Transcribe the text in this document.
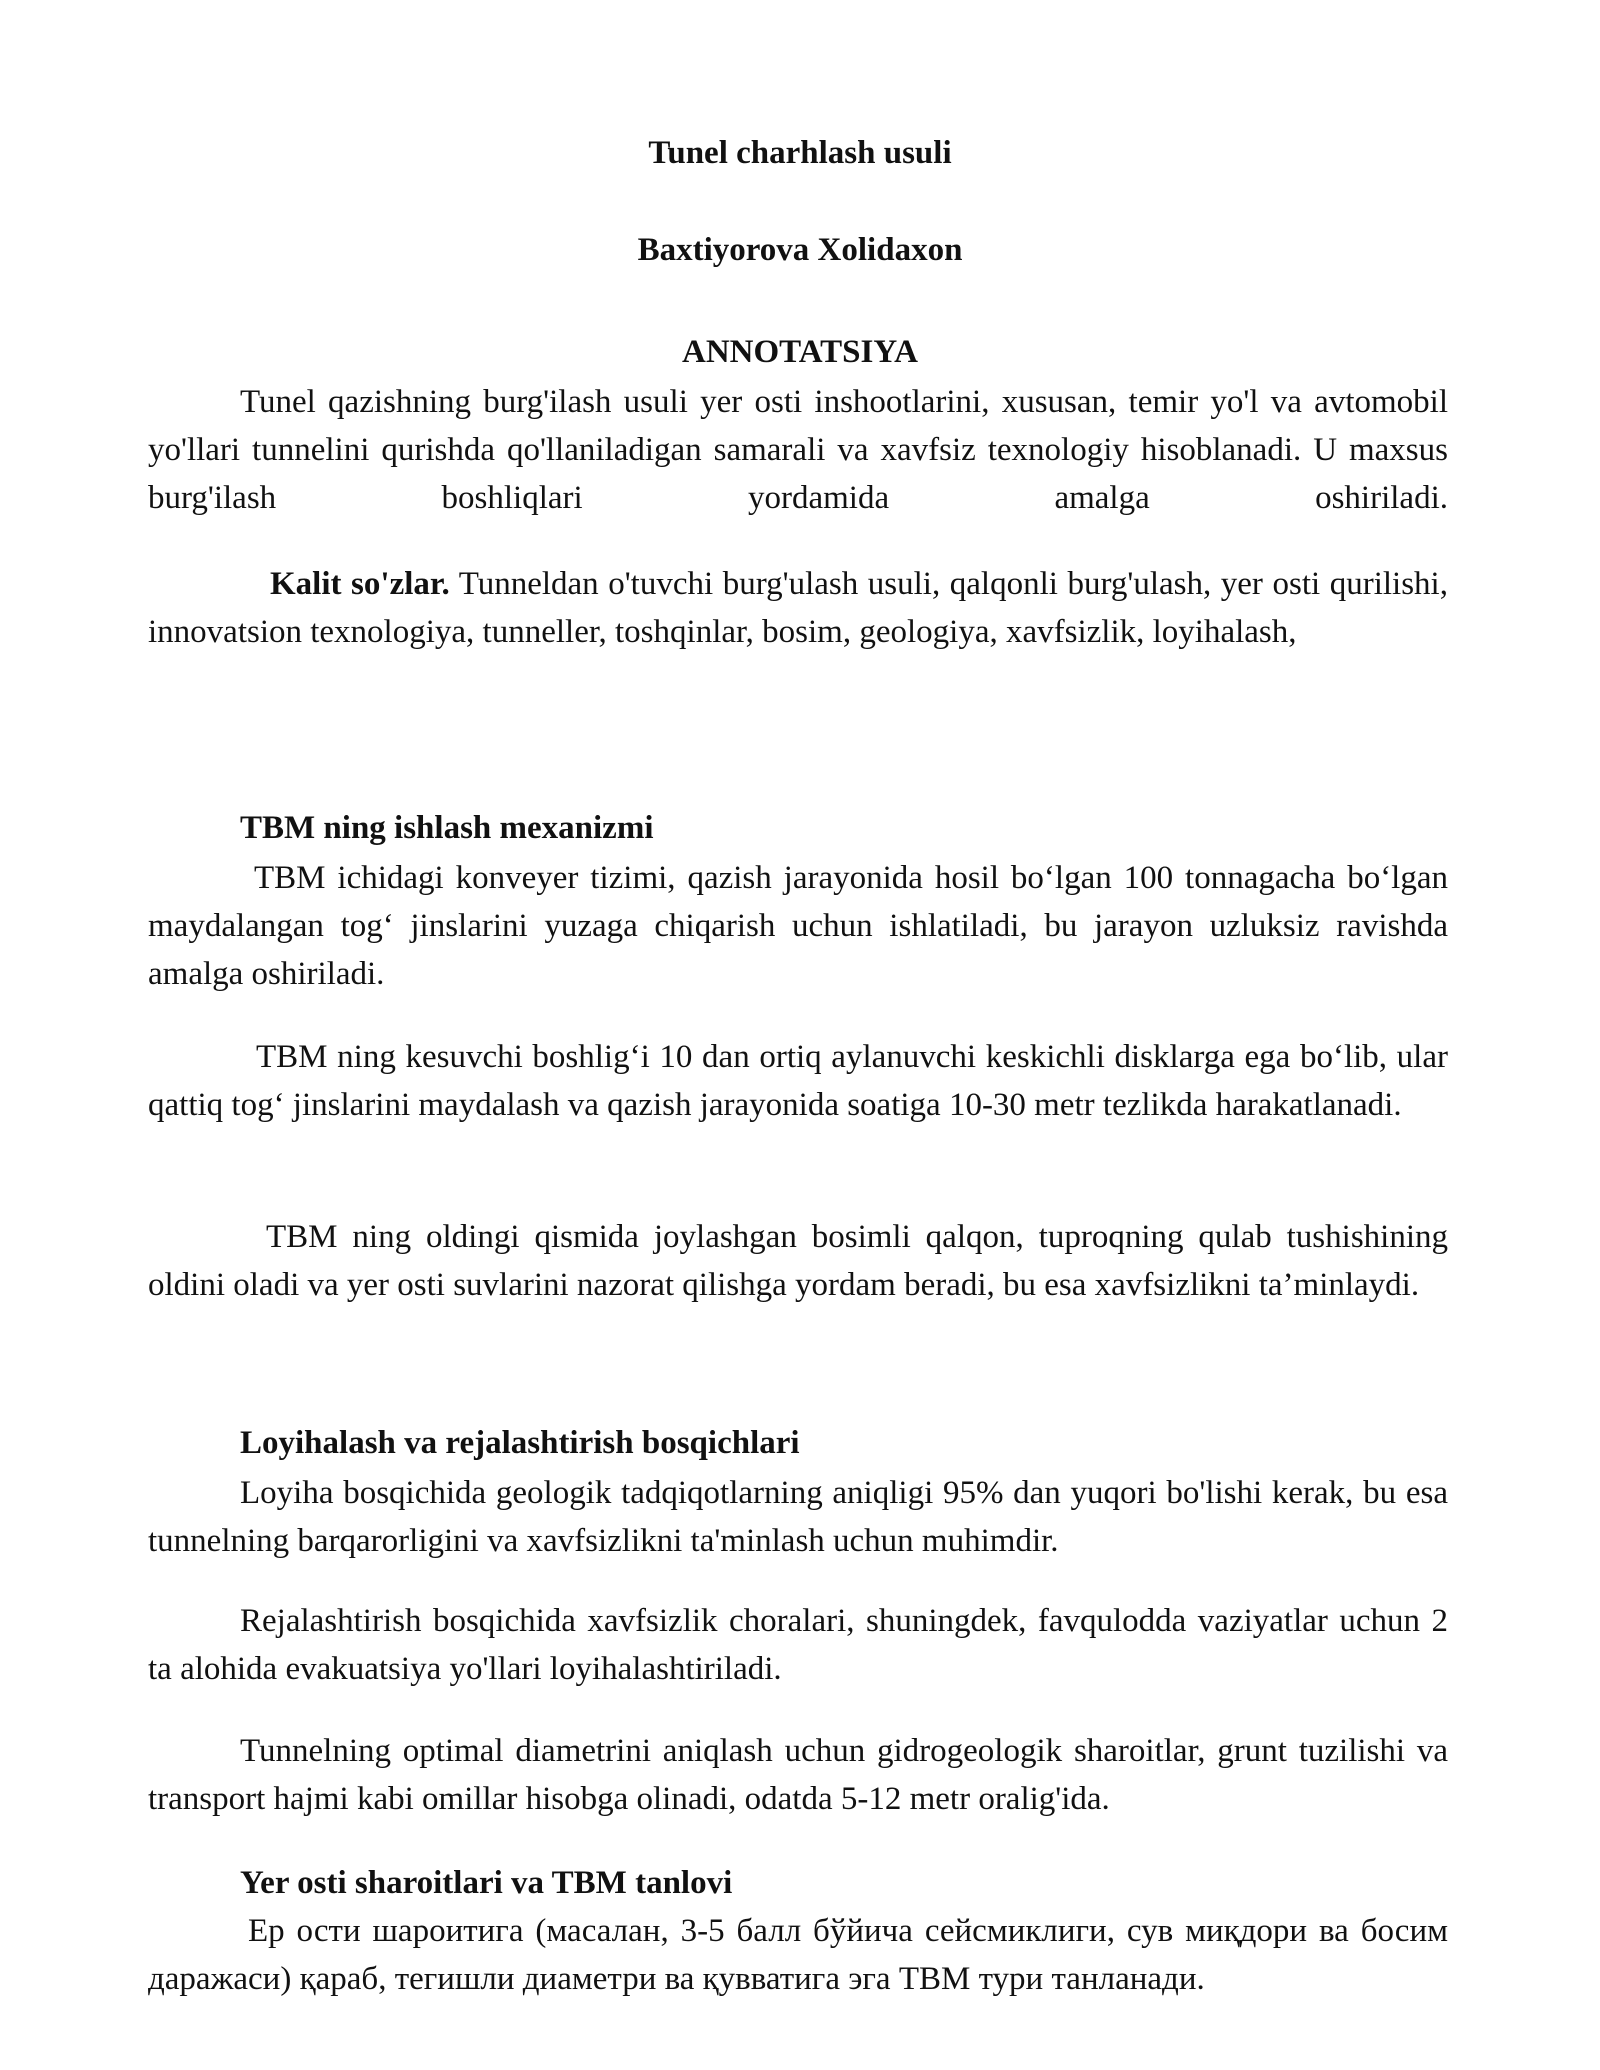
Tunel charhlash usuli
Baxtiyorova Xolidaxon
ANNOTATSIYA
Tunel qazishning burg'ilash usuli yer osti inshootlarini, xususan, temir yo'l va avtomobil yo'llari tunnelini qurishda qo'llaniladigan samarali va xavfsiz texnologiy hisoblanadi. U maxsus burg'ilash boshliqlari yordamida amalga oshiriladi.
Kalit so'zlar. Tunneldan o'tuvchi burg'ulash usuli, qalqonli burg'ulash, yer osti qurilishi, innovatsion texnologiya, tunneller, toshqinlar, bosim, geologiya, xavfsizlik, loyihalash,
TBM ning ishlash mexanizmi
TBM ichidagi konveyer tizimi, qazish jarayonida hosil bo‘lgan 100 tonnagacha bo‘lgan maydalangan tog‘ jinslarini yuzaga chiqarish uchun ishlatiladi, bu jarayon uzluksiz ravishda amalga oshiriladi.
TBM ning kesuvchi boshlig‘i 10 dan ortiq aylanuvchi keskichli disklarga ega bo‘lib, ular qattiq tog‘ jinslarini maydalash va qazish jarayonida soatiga 10-30 metr tezlikda harakatlanadi.
TBM ning oldingi qismida joylashgan bosimli qalqon, tuproqning qulab tushishining oldini oladi va yer osti suvlarini nazorat qilishga yordam beradi, bu esa xavfsizlikni ta’minlaydi.
Loyihalash va rejalashtirish bosqichlari
Loyiha bosqichida geologik tadqiqotlarning aniqligi 95% dan yuqori bo'lishi kerak, bu esa tunnelning barqarorligini va xavfsizlikni ta'minlash uchun muhimdir.
Rejalashtirish bosqichida xavfsizlik choralari, shuningdek, favqulodda vaziyatlar uchun 2 ta alohida evakuatsiya yo'llari loyihalashtiriladi.
Tunnelning optimal diametrini aniqlash uchun gidrogeologik sharoitlar, grunt tuzilishi va transport hajmi kabi omillar hisobga olinadi, odatda 5-12 metr oralig'ida.
Yer osti sharoitlari va TBM tanlovi
Ер ости шароитига (масалан, 3-5 балл бўйича сейсмиклиги, сув миқдори ва босим даражаси) қараб, тегишли диаметри ва қувватига эга ТВМ тури танланади.
